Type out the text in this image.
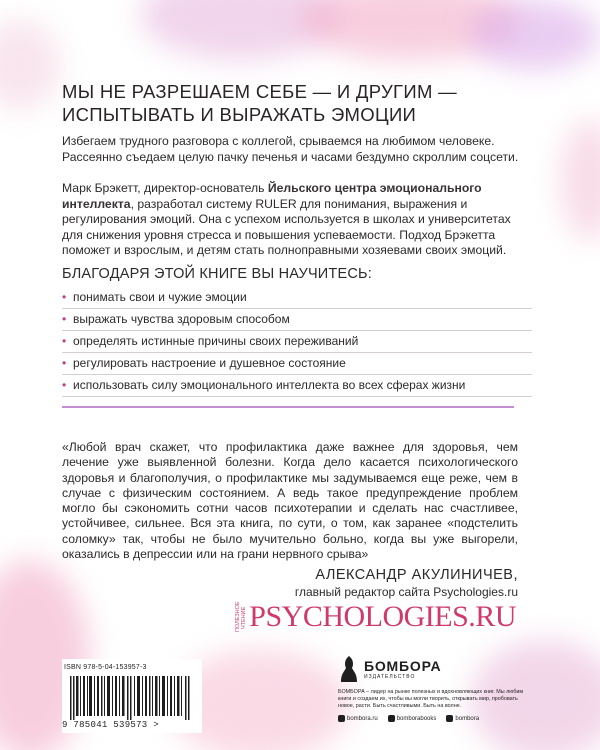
МЫ НЕ РАЗРЕШАЕМ СЕБЕ — И ДРУГИМ —
ИСПЫТЫВАТЬ И ВЫРАЖАТЬ ЭМОЦИИ
Избегаем трудного разговора с коллегой, срываемся на любимом человеке. Рассеянно съедаем целую пачку печенья и часами бездумно скроллим соцсети.
Марк Брэкетт, директор-основатель Йельского центра эмоционального интеллекта, разработал систему RULER для понимания, выражения и регулирования эмоций. Она с успехом используется в школах и университетах для снижения уровня стресса и повышения успеваемости. Подход Брэкетта поможет и взрослым, и детям стать полноправными хозяевами своих эмоций.
БЛАГОДАРЯ ЭТОЙ КНИГЕ ВЫ НАУЧИТЕСЬ:
• понимать свои и чужие эмоции
• выражать чувства здоровым способом
• определять истинные причины своих переживаний
• регулировать настроение и душевное состояние
• использовать силу эмоционального интеллекта во всех сферах жизни
«Любой врач скажет, что профилактика даже важнее для здоровья, чем лечение уже выявленной болезни. Когда дело касается психологического здоровья и благополучия, о профилактике мы задумываемся еще реже, чем в случае с физическим состоянием. А ведь такое предупреждение проблем могло бы сэкономить сотни часов психотерапии и сделать нас счастливее, устойчивее, сильнее. Вся эта книга, по сути, о том, как заранее «подстелить соломку» так, чтобы не было мучительно больно, когда вы уже выгорели, оказались в депрессии или на грани нервного срыва»
АЛЕКСАНДР АКУЛИНИЧЕВ,
главный редактор сайта Psychologies.ru
ПОЛЕЗНОЕ ЧТЕНИЕ PSYCHOLOGIES.RU
ISBN 978-5-04-153957-3
9 785041 539573 >
БОМБОРА
ИЗДАТЕЛЬСТВО
БОМБОРА – лидер на рынке полезных и вдохновляющих книг. Мы любим книги и создаем их, чтобы вы могли творить, открывать мир, пробовать новое, расти. Быть счастливыми. Быть на волне.
bombora.ru	bomborabooks	bombora
